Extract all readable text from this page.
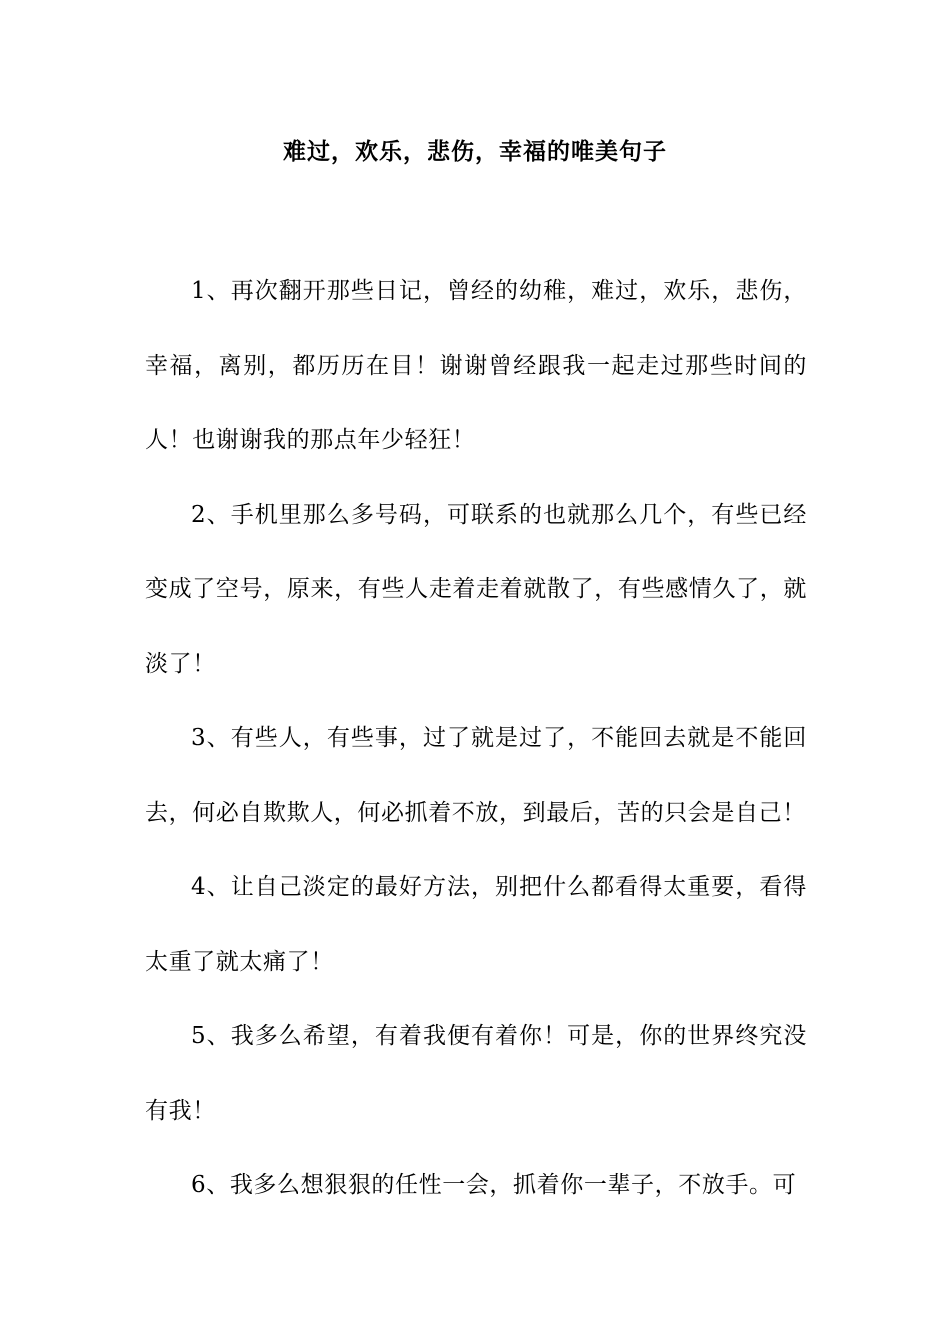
难过，欢乐，悲伤，幸福的唯美句子

1、再次翻开那些日记，曾经的幼稚，难过，欢乐，悲伤，幸福，离别，都历历在目！谢谢曾经跟我一起走过那些时间的人！也谢谢我的那点年少轻狂！

2、手机里那么多号码，可联系的也就那么几个，有些已经变成了空号，原来，有些人走着走着就散了，有些感情久了，就淡了！

3、有些人，有些事，过了就是过了，不能回去就是不能回去，何必自欺欺人，何必抓着不放，到最后，苦的只会是自己！

4、让自己淡定的最好方法，别把什么都看得太重要，看得太重了就太痛了！

5、我多么希望，有着我便有着你！可是，你的世界终究没有我！

6、我多么想狠狠的任性一会，抓着你一辈子，不放手。可
